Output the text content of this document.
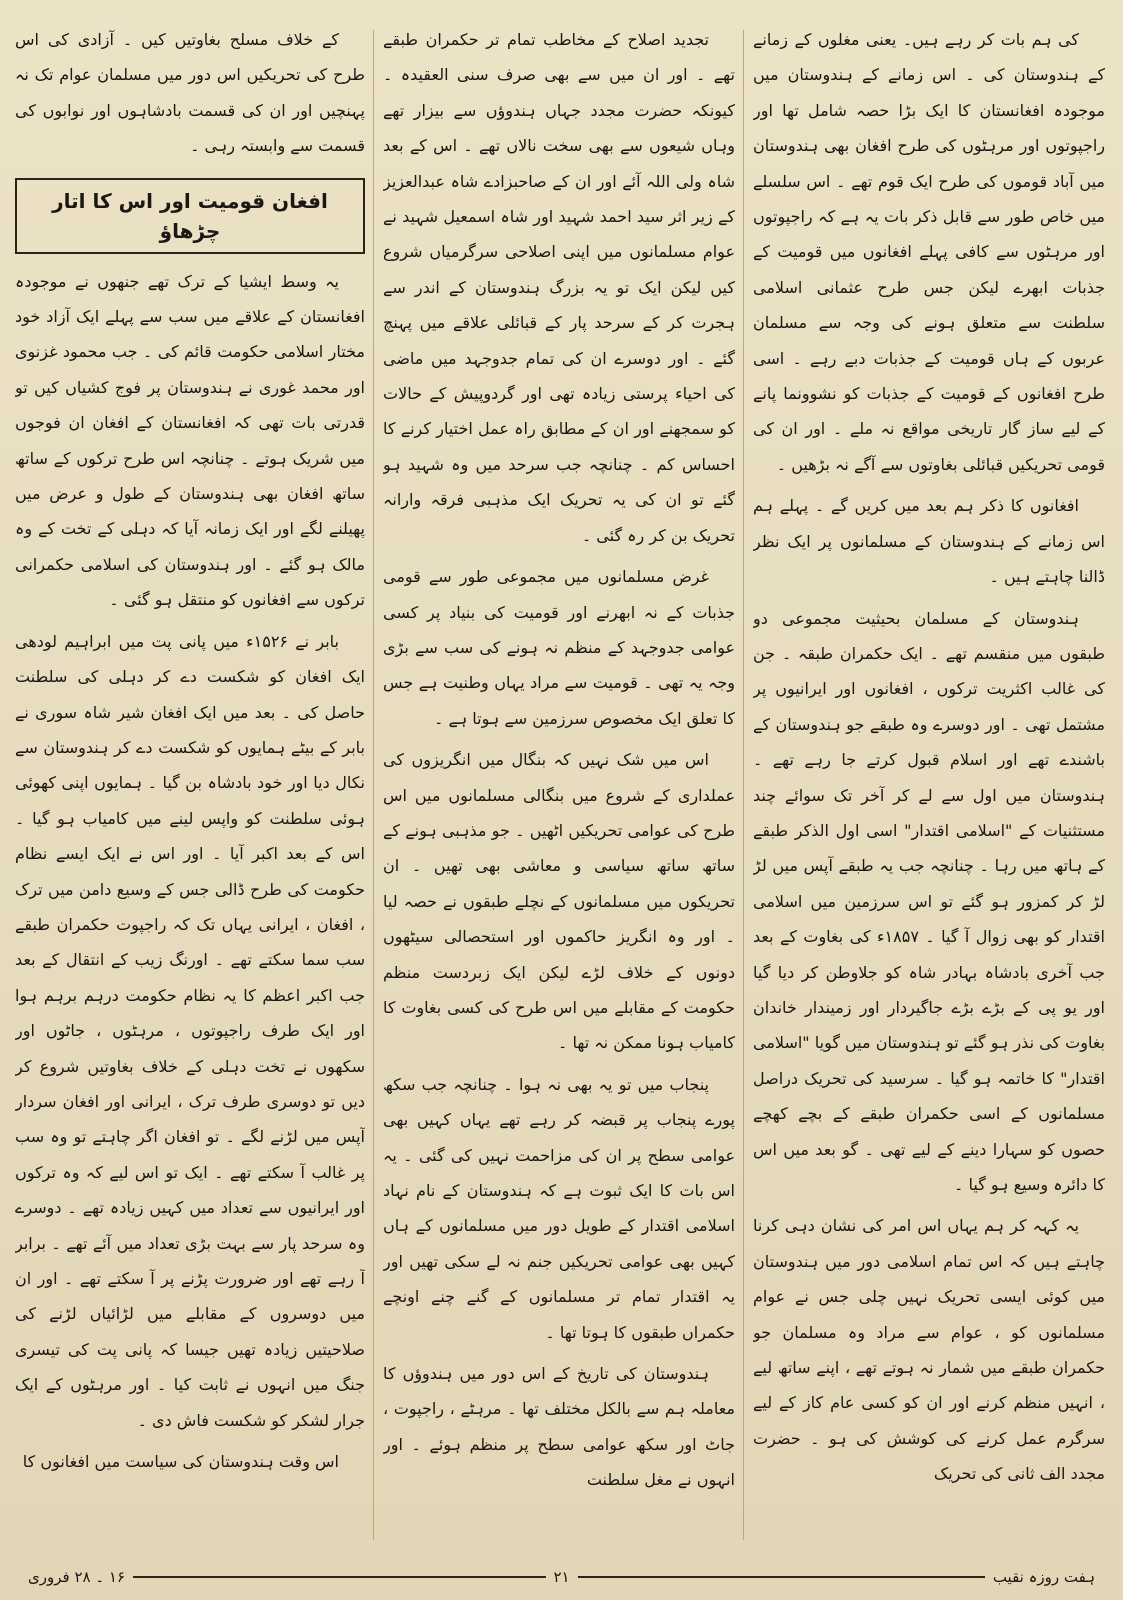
کی ہم بات کر رہے ہیں۔ یعنی مغلوں کے زمانے کے ہندوستان کی ۔ اس زمانے کے ہندوستان میں موجودہ افغانستان کا ایک بڑا حصہ شامل تھا اور راجپوتوں اور مرہٹوں کی طرح افغان بھی ہندوستان میں آباد قوموں کی طرح ایک قوم تھے ۔ اس سلسلے میں خاص طور سے قابل ذکر بات یہ ہے کہ راجپوتوں اور مرہٹوں سے کافی پہلے افغانوں میں قومیت کے جذبات ابھرے لیکن جس طرح عثمانی اسلامی سلطنت سے متعلق ہونے کی وجہ سے مسلمان عربوں کے ہاں قومیت کے جذبات دبے رہے ۔ اسی طرح افغانوں کے قومیت کے جذبات کو نشوونما پانے کے لیے ساز گار تاریخی مواقع نہ ملے ۔ اور ان کی قومی تحریکیں قبائلی بغاوتوں سے آگے نہ بڑھیں ۔

افغانوں کا ذکر ہم بعد میں کریں گے ۔ پہلے ہم اس زمانے کے ہندوستان کے مسلمانوں پر ایک نظر ڈالنا چاہتے ہیں ۔

ہندوستان کے مسلمان بحیثیت مجموعی دو طبقوں میں منقسم تھے ۔ ایک حکمران طبقہ ۔ جن کی غالب اکثریت ترکوں ، افغانوں اور ایرانیوں پر مشتمل تھی ۔ اور دوسرے وہ طبقے جو ہندوستان کے باشندے تھے اور اسلام قبول کرتے جا رہے تھے ۔ ہندوستان میں اول سے لے کر آخر تک سوائے چند مستثنیات کے "اسلامی اقتدار" اسی اول الذکر طبقے کے ہاتھ میں رہا ۔ چنانچہ جب یہ طبقے آپس میں لڑ لڑ کر کمزور ہو گئے تو اس سرزمین میں اسلامی اقتدار کو بھی زوال آ گیا ۔ ۱۸۵۷ء کی بغاوت کے بعد جب آخری بادشاہ بہادر شاہ کو جلاوطن کر دیا گیا اور یو پی کے بڑے بڑے جاگیردار اور زمیندار خاندان بغاوت کی نذر ہو گئے تو ہندوستان میں گویا "اسلامی اقتدار" کا خاتمہ ہو گیا ۔ سرسید کی تحریک دراصل مسلمانوں کے اسی حکمران طبقے کے بچے کھچے حصوں کو سہارا دینے کے لیے تھی ۔ گو بعد میں اس کا دائرہ وسیع ہو گیا ۔

یہ کہہ کر ہم یہاں اس امر کی نشان دہی کرنا چاہتے ہیں کہ اس تمام اسلامی دور میں ہندوستان میں کوئی ایسی تحریک نہیں چلی جس نے عوام مسلمانوں کو ، عوام سے مراد وہ مسلمان جو حکمران طبقے میں شمار نہ ہوتے تھے ، اپنے ساتھ لیے ، انہیں منظم کرنے اور ان کو کسی عام کاز کے لیے سرگرم عمل کرنے کی کوشش کی ہو ۔ حضرت مجدد الف ثانی کی تحریک

تجدید اصلاح کے مخاطب تمام تر حکمران طبقے تھے ۔ اور ان میں سے بھی صرف سنی العقیدہ ۔ کیونکہ حضرت مجدد جہاں ہندوؤں سے بیزار تھے وہاں شیعوں سے بھی سخت نالاں تھے ۔ اس کے بعد شاہ ولی اللہ آئے اور ان کے صاحبزادے شاہ عبدالعزیز کے زیر اثر سید احمد شہید اور شاہ اسمعیل شہید نے عوام مسلمانوں میں اپنی اصلاحی سرگرمیاں شروع کیں لیکن ایک تو یہ بزرگ ہندوستان کے اندر سے ہجرت کر کے سرحد پار کے قبائلی علاقے میں پہنچ گئے ۔ اور دوسرے ان کی تمام جدوجہد میں ماضی کی احیاء پرستی زیادہ تھی اور گردوپیش کے حالات کو سمجھنے اور ان کے مطابق راہ عمل اختیار کرنے کا احساس کم ۔ چنانچہ جب سرحد میں وہ شہید ہو گئے تو ان کی یہ تحریک ایک مذہبی فرقہ وارانہ تحریک بن کر رہ گئی ۔

غرض مسلمانوں میں مجموعی طور سے قومی جذبات کے نہ ابھرنے اور قومیت کی بنیاد پر کسی عوامی جدوجہد کے منظم نہ ہونے کی سب سے بڑی وجہ یہ تھی ۔ قومیت سے مراد یہاں وطنیت ہے جس کا تعلق ایک مخصوص سرزمین سے ہوتا ہے ۔

اس میں شک نہیں کہ بنگال میں انگریزوں کی عملداری کے شروع میں بنگالی مسلمانوں میں اس طرح کی عوامی تحریکیں اٹھیں ۔ جو مذہبی ہونے کے ساتھ ساتھ سیاسی و معاشی بھی تھیں ۔ ان تحریکوں میں مسلمانوں کے نچلے طبقوں نے حصہ لیا ۔ اور وہ انگریز حاکموں اور استحصالی سیٹھوں دونوں کے خلاف لڑے لیکن ایک زبردست منظم حکومت کے مقابلے میں اس طرح کی کسی بغاوت کا کامیاب ہونا ممکن نہ تھا ۔

پنجاب میں تو یہ بھی نہ ہوا ۔ چنانچہ جب سکھ پورے پنجاب پر قبضہ کر رہے تھے یہاں کہیں بھی عوامی سطح پر ان کی مزاحمت نہیں کی گئی ۔ یہ اس بات کا ایک ثبوت ہے کہ ہندوستان کے نام نہاد اسلامی اقتدار کے طویل دور میں مسلمانوں کے ہاں کہیں بھی عوامی تحریکیں جنم نہ لے سکی تھیں اور یہ اقتدار تمام تر مسلمانوں کے گنے چنے اونچے حکمراں طبقوں کا ہوتا تھا ۔

ہندوستان کی تاریخ کے اس دور میں ہندوؤں کا معاملہ ہم سے بالکل مختلف تھا ۔ مرہٹے ، راجپوت ، جاٹ اور سکھ عوامی سطح پر منظم ہوئے ۔ اور انہوں نے مغل سلطنت

کے خلاف مسلح بغاوتیں کیں ۔ آزادی کی اس طرح کی تحریکیں اس دور میں مسلمان عوام تک نہ پہنچیں اور ان کی قسمت بادشاہوں اور نوابوں کی قسمت سے وابستہ رہی ۔

افغان قومیت اور اس کا اتار چڑھاؤ

یہ وسط ایشیا کے ترک تھے جنھوں نے موجودہ افغانستان کے علاقے میں سب سے پہلے ایک آزاد خود مختار اسلامی حکومت قائم کی ۔ جب محمود غزنوی اور محمد غوری نے ہندوستان پر فوج کشیاں کیں تو قدرتی بات تھی کہ افغانستان کے افغان ان فوجوں میں شریک ہوتے ۔ چنانچہ اس طرح ترکوں کے ساتھ ساتھ افغان بھی ہندوستان کے طول و عرض میں پھیلنے لگے اور ایک زمانہ آیا کہ دہلی کے تخت کے وہ مالک ہو گئے ۔ اور ہندوستان کی اسلامی حکمرانی ترکوں سے افغانوں کو منتقل ہو گئی ۔

بابر نے ۱۵۲۶ء میں پانی پت میں ابراہیم لودھی ایک افغان کو شکست دے کر دہلی کی سلطنت حاصل کی ۔ بعد میں ایک افغان شیر شاہ سوری نے بابر کے بیٹے ہمایوں کو شکست دے کر ہندوستان سے نکال دیا اور خود بادشاہ بن گیا ۔ ہمایوں اپنی کھوئی ہوئی سلطنت کو واپس لینے میں کامیاب ہو گیا ۔ اس کے بعد اکبر آیا ۔ اور اس نے ایک ایسے نظام حکومت کی طرح ڈالی جس کے وسیع دامن میں ترک ، افغان ، ایرانی یہاں تک کہ راجپوت حکمران طبقے سب سما سکتے تھے ۔ اورنگ زیب کے انتقال کے بعد جب اکبر اعظم کا یہ نظام حکومت درہم برہم ہوا اور ایک طرف راجپوتوں ، مرہٹوں ، جاٹوں اور سکھوں نے تخت دہلی کے خلاف بغاوتیں شروع کر دیں تو دوسری طرف ترک ، ایرانی اور افغان سردار آپس میں لڑنے لگے ۔ تو افغان اگر چاہتے تو وہ سب پر غالب آ سکتے تھے ۔ ایک تو اس لیے کہ وہ ترکوں اور ایرانیوں سے تعداد میں کہیں زیادہ تھے ۔ دوسرے وہ سرحد پار سے بہت بڑی تعداد میں آئے تھے ۔ برابر آ رہے تھے اور ضرورت پڑنے پر آ سکتے تھے ۔ اور ان میں دوسروں کے مقابلے میں لڑائیاں لڑنے کی صلاحیتیں زیادہ تھیں جیسا کہ پانی پت کی تیسری جنگ میں انہوں نے ثابت کیا ۔ اور مرہٹوں کے ایک جرار لشکر کو شکست فاش دی ۔

اس وقت ہندوستان کی سیاست میں افغانوں کا

ہفت روزہ نقیب
۲۱
۱۶ ۔ ۲۸ فروری
